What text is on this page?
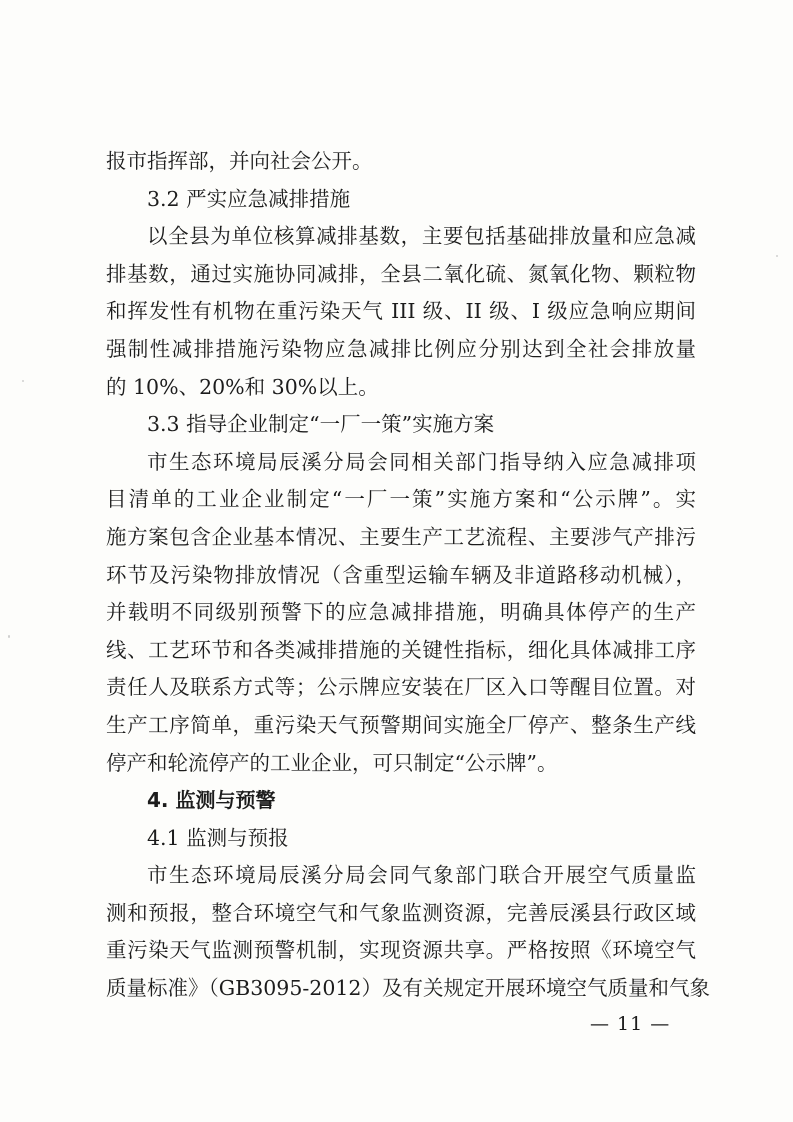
报市指挥部，并向社会公开。
3.2 严实应急减排措施
以全县为单位核算减排基数，主要包括基础排放量和应急减
排基数，通过实施协同减排，全县二氧化硫、氮氧化物、颗粒物
和挥发性有机物在重污染天气 III 级、II 级、I 级应急响应期间
强制性减排措施污染物应急减排比例应分别达到全社会排放量
的 10%、20%和 30%以上。
3.3 指导企业制定“一厂一策”实施方案
市生态环境局辰溪分局会同相关部门指导纳入应急减排项
目清单的工业企业制定“一厂一策”实施方案和“公示牌”。实
施方案包含企业基本情况、主要生产工艺流程、主要涉气产排污
环节及污染物排放情况（含重型运输车辆及非道路移动机械），
并载明不同级别预警下的应急减排措施，明确具体停产的生产
线、工艺环节和各类减排措施的关键性指标，细化具体减排工序
责任人及联系方式等；公示牌应安装在厂区入口等醒目位置。对
生产工序简单，重污染天气预警期间实施全厂停产、整条生产线
停产和轮流停产的工业企业，可只制定“公示牌”。
4. 监测与预警
4.1 监测与预报
市生态环境局辰溪分局会同气象部门联合开展空气质量监
测和预报，整合环境空气和气象监测资源，完善辰溪县行政区域
重污染天气监测预警机制，实现资源共享。严格按照《环境空气
质量标准》（GB3095-2012）及有关规定开展环境空气质量和气象
— 11 —
